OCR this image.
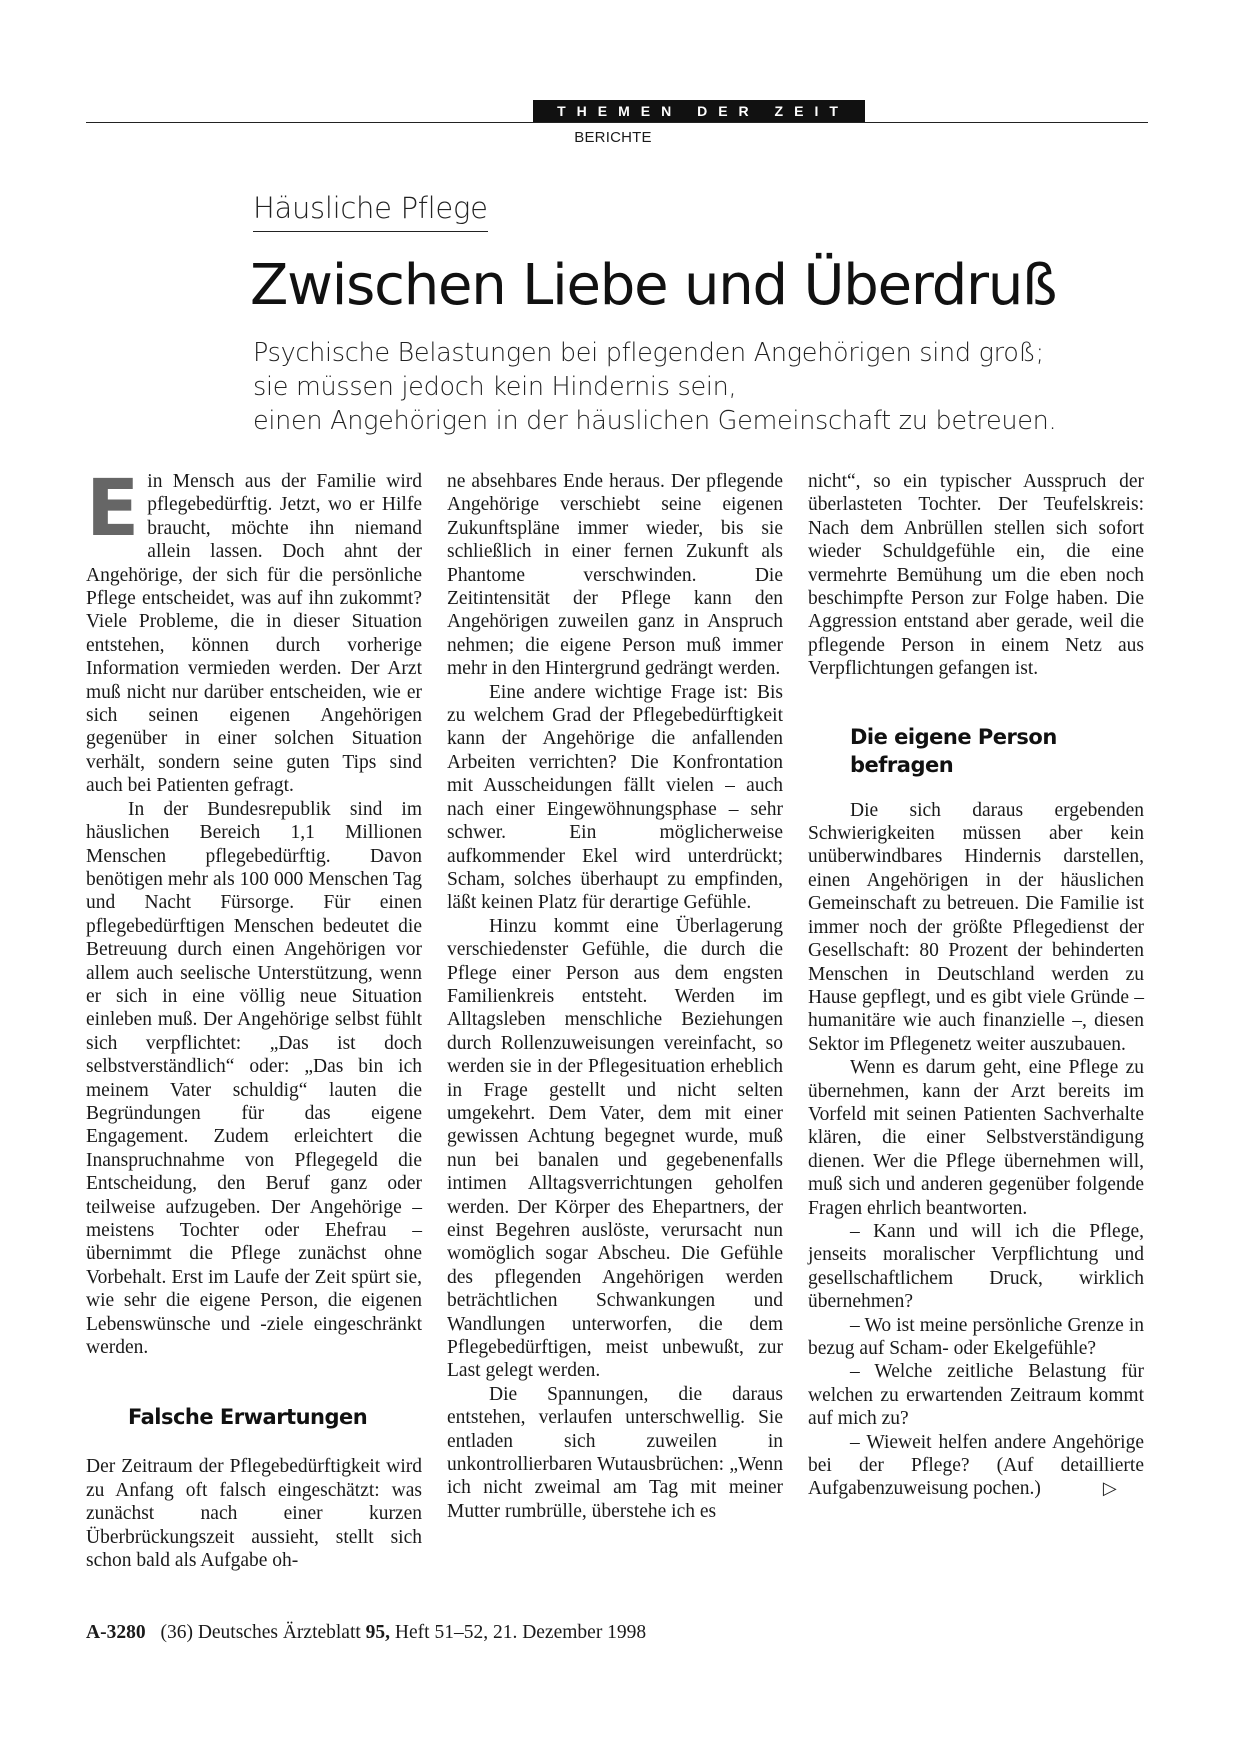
THEMEN DER ZEIT
BERICHTE
Häusliche Pflege
Zwischen Liebe und Überdruß
Psychische Belastungen bei pflegenden Angehörigen sind groß;
sie müssen jedoch kein Hindernis sein,
einen Angehörigen in der häuslichen Gemeinschaft zu betreuen.

Ein Mensch aus der Familie wird pflegebedürftig. Jetzt, wo er Hilfe braucht, möchte ihn niemand allein lassen. Doch ahnt der Angehörige, der sich für die persönliche Pflege entscheidet, was auf ihn zukommt? Viele Probleme, die in dieser Situation entstehen, können durch vorherige Information vermieden werden. Der Arzt muß nicht nur darüber entscheiden, wie er sich seinen eigenen Angehörigen gegenüber in einer solchen Situation verhält, sondern seine guten Tips sind auch bei Patienten gefragt.

In der Bundesrepublik sind im häuslichen Bereich 1,1 Millionen Menschen pflegebedürftig. Davon benötigen mehr als 100 000 Menschen Tag und Nacht Fürsorge. Für einen pflegebedürftigen Menschen bedeutet die Betreuung durch einen Angehörigen vor allem auch seelische Unterstützung, wenn er sich in eine völlig neue Situation einleben muß. Der Angehörige selbst fühlt sich verpflichtet: „Das ist doch selbstverständlich“ oder: „Das bin ich meinem Vater schuldig“ lauten die Begründungen für das eigene Engagement. Zudem erleichtert die Inanspruchnahme von Pflegegeld die Entscheidung, den Beruf ganz oder teilweise aufzugeben. Der Angehörige – meistens Tochter oder Ehefrau – übernimmt die Pflege zunächst ohne Vorbehalt. Erst im Laufe der Zeit spürt sie, wie sehr die eigene Person, die eigenen Lebenswünsche und -ziele eingeschränkt werden.

Falsche Erwartungen

Der Zeitraum der Pflegebedürftigkeit wird zu Anfang oft falsch eingeschätzt: was zunächst nach einer kurzen Überbrückungszeit aussieht, stellt sich schon bald als Aufgabe oh-

ne absehbares Ende heraus. Der pflegende Angehörige verschiebt seine eigenen Zukunftspläne immer wieder, bis sie schließlich in einer fernen Zukunft als Phantome verschwinden. Die Zeitintensität der Pflege kann den Angehörigen zuweilen ganz in Anspruch nehmen; die eigene Person muß immer mehr in den Hintergrund gedrängt werden.

Eine andere wichtige Frage ist: Bis zu welchem Grad der Pflegebedürftigkeit kann der Angehörige die anfallenden Arbeiten verrichten? Die Konfrontation mit Ausscheidungen fällt vielen – auch nach einer Eingewöhnungsphase – sehr schwer. Ein möglicherweise aufkommender Ekel wird unterdrückt; Scham, solches überhaupt zu empfinden, läßt keinen Platz für derartige Gefühle.

Hinzu kommt eine Überlagerung verschiedenster Gefühle, die durch die Pflege einer Person aus dem engsten Familienkreis entsteht. Werden im Alltagsleben menschliche Beziehungen durch Rollenzuweisungen vereinfacht, so werden sie in der Pflegesituation erheblich in Frage gestellt und nicht selten umgekehrt. Dem Vater, dem mit einer gewissen Achtung begegnet wurde, muß nun bei banalen und gegebenenfalls intimen Alltagsverrichtungen geholfen werden. Der Körper des Ehepartners, der einst Begehren auslöste, verursacht nun womöglich sogar Abscheu. Die Gefühle des pflegenden Angehörigen werden beträchtlichen Schwankungen und Wandlungen unterworfen, die dem Pflegebedürftigen, meist unbewußt, zur Last gelegt werden.

Die Spannungen, die daraus entstehen, verlaufen unterschwellig. Sie entladen sich zuweilen in unkontrollierbaren Wutausbrüchen: „Wenn ich nicht zweimal am Tag mit meiner Mutter rumbrülle, überstehe ich es

nicht“, so ein typischer Ausspruch der überlasteten Tochter. Der Teufelskreis: Nach dem Anbrüllen stellen sich sofort wieder Schuldgefühle ein, die eine vermehrte Bemühung um die eben noch beschimpfte Person zur Folge haben. Die Aggression entstand aber gerade, weil die pflegende Person in einem Netz aus Verpflichtungen gefangen ist.

Die eigene Person
befragen

Die sich daraus ergebenden Schwierigkeiten müssen aber kein unüberwindbares Hindernis darstellen, einen Angehörigen in der häuslichen Gemeinschaft zu betreuen. Die Familie ist immer noch der größte Pflegedienst der Gesellschaft: 80 Prozent der behinderten Menschen in Deutschland werden zu Hause gepflegt, und es gibt viele Gründe – humanitäre wie auch finanzielle –, diesen Sektor im Pflegenetz weiter auszubauen.

Wenn es darum geht, eine Pflege zu übernehmen, kann der Arzt bereits im Vorfeld mit seinen Patienten Sachverhalte klären, die einer Selbstverständigung dienen. Wer die Pflege übernehmen will, muß sich und anderen gegenüber folgende Fragen ehrlich beantworten.

– Kann und will ich die Pflege, jenseits moralischer Verpflichtung und gesellschaftlichem Druck, wirklich übernehmen?

– Wo ist meine persönliche Grenze in bezug auf Scham- oder Ekelgefühle?

– Welche zeitliche Belastung für welchen zu erwartenden Zeitraum kommt auf mich zu?

– Wieweit helfen andere Angehörige bei der Pflege? (Auf detaillierte Aufgabenzuweisung pochen.)	▷

A-3280 (36) Deutsches Ärzteblatt 95, Heft 51–52, 21. Dezember 1998
